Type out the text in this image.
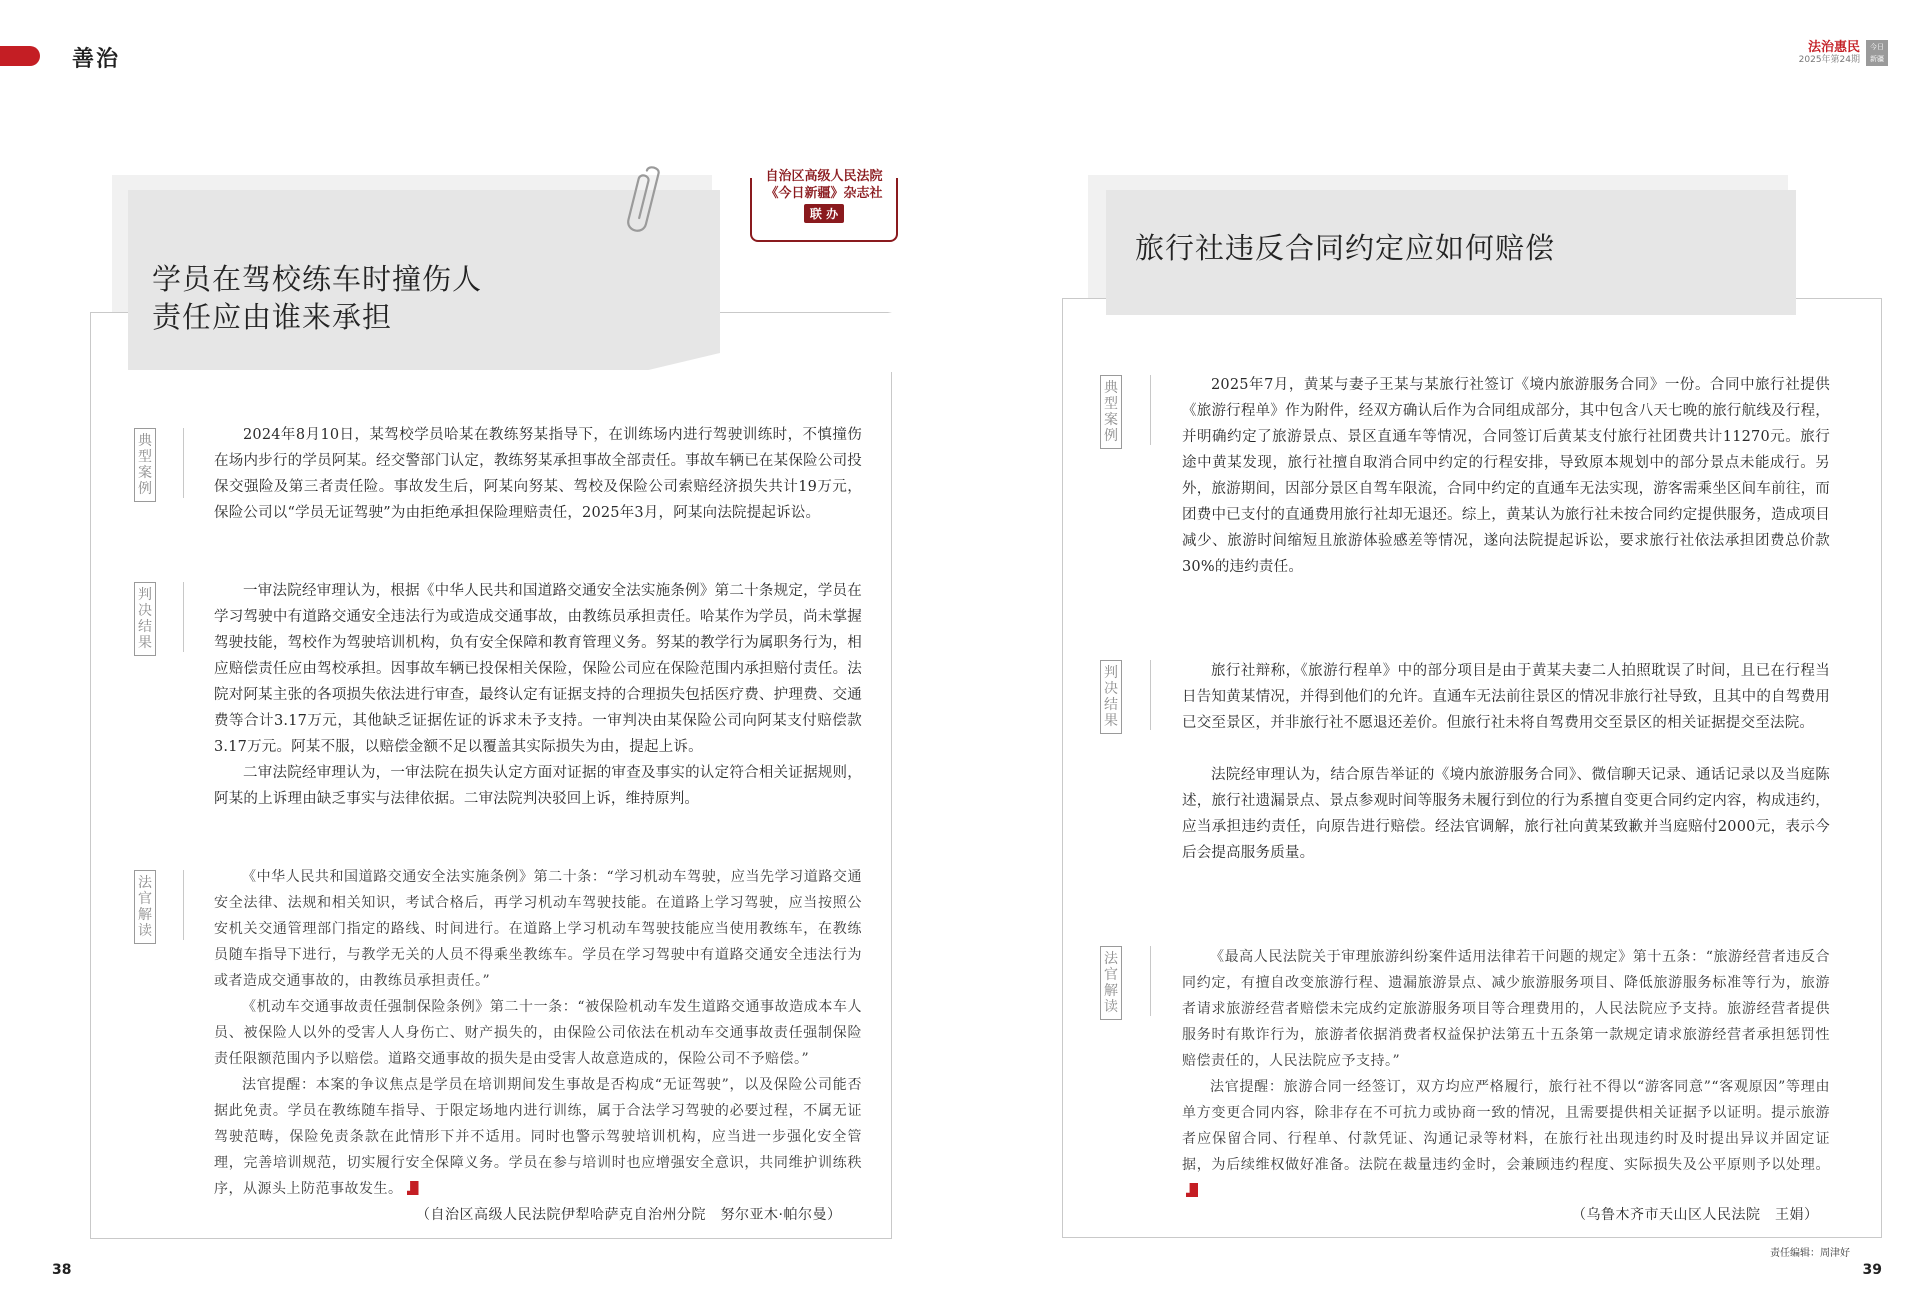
善治	法治惠民
2025年第24期
今日
新疆
学员在驾校练车时撞伤人
责任应由谁来承担
自治区高级人民法院
《今日新疆》杂志社
联 办
典型案例
判决结果
法官解读
2024年8月10日，某驾校学员哈某在教练努某指导下，在训练场内进行驾驶训练时，不慎撞伤在场内步行的学员阿某。经交警部门认定，教练努某承担事故全部责任。事故车辆已在某保险公司投保交强险及第三者责任险。事故发生后，阿某向努某、驾校及保险公司索赔经济损失共计19万元，保险公司以“学员无证驾驶”为由拒绝承担保险理赔责任，2025年3月，阿某向法院提起诉讼。
一审法院经审理认为，根据《中华人民共和国道路交通安全法实施条例》第二十条规定，学员在学习驾驶中有道路交通安全违法行为或造成交通事故，由教练员承担责任。哈某作为学员，尚未掌握驾驶技能，驾校作为驾驶培训机构，负有安全保障和教育管理义务。努某的教学行为属职务行为，相应赔偿责任应由驾校承担。因事故车辆已投保相关保险，保险公司应在保险范围内承担赔付责任。法院对阿某主张的各项损失依法进行审查，最终认定有证据支持的合理损失包括医疗费、护理费、交通费等合计3.17万元，其他缺乏证据佐证的诉求未予支持。一审判决由某保险公司向阿某支付赔偿款3.17万元。阿某不服，以赔偿金额不足以覆盖其实际损失为由，提起上诉。
二审法院经审理认为，一审法院在损失认定方面对证据的审查及事实的认定符合相关证据规则，阿某的上诉理由缺乏事实与法律依据。二审法院判决驳回上诉，维持原判。
《中华人民共和国道路交通安全法实施条例》第二十条：“学习机动车驾驶，应当先学习道路交通安全法律、法规和相关知识，考试合格后，再学习机动车驾驶技能。在道路上学习驾驶，应当按照公安机关交通管理部门指定的路线、时间进行。在道路上学习机动车驾驶技能应当使用教练车，在教练员随车指导下进行，与教学无关的人员不得乘坐教练车。学员在学习驾驶中有道路交通安全违法行为或者造成交通事故的，由教练员承担责任。”
《机动车交通事故责任强制保险条例》第二十一条：“被保险机动车发生道路交通事故造成本车人员、被保险人以外的受害人人身伤亡、财产损失的，由保险公司依法在机动车交通事故责任强制保险责任限额范围内予以赔偿。道路交通事故的损失是由受害人故意造成的，保险公司不予赔偿。”
法官提醒：本案的争议焦点是学员在培训期间发生事故是否构成“无证驾驶”，以及保险公司能否据此免责。学员在教练随车指导、于限定场地内进行训练，属于合法学习驾驶的必要过程，不属无证驾驶范畴，保险免责条款在此情形下并不适用。同时也警示驾驶培训机构，应当进一步强化安全管理，完善培训规范，切实履行安全保障义务。学员在参与培训时也应增强安全意识，共同维护训练秩序，从源头上防范事故发生。
（自治区高级人民法院伊犁哈萨克自治州分院　努尔亚木·帕尔曼）
旅行社违反合同约定应如何赔偿
典型案例
判决结果
法官解读
2025年7月，黄某与妻子王某与某旅行社签订《境内旅游服务合同》一份。合同中旅行社提供《旅游行程单》作为附件，经双方确认后作为合同组成部分，其中包含八天七晚的旅行航线及行程，并明确约定了旅游景点、景区直通车等情况，合同签订后黄某支付旅行社团费共计11270元。旅行途中黄某发现，旅行社擅自取消合同中约定的行程安排，导致原本规划中的部分景点未能成行。另外，旅游期间，因部分景区自驾车限流，合同中约定的直通车无法实现，游客需乘坐区间车前往，而团费中已支付的直通费用旅行社却无退还。综上，黄某认为旅行社未按合同约定提供服务，造成项目减少、旅游时间缩短且旅游体验感差等情况，遂向法院提起诉讼，要求旅行社依法承担团费总价款30%的违约责任。
旅行社辩称，《旅游行程单》中的部分项目是由于黄某夫妻二人拍照耽误了时间，且已在行程当日告知黄某情况，并得到他们的允许。直通车无法前往景区的情况非旅行社导致，且其中的自驾费用已交至景区，并非旅行社不愿退还差价。但旅行社未将自驾费用交至景区的相关证据提交至法院。
法院经审理认为，结合原告举证的《境内旅游服务合同》、微信聊天记录、通话记录以及当庭陈述，旅行社遗漏景点、景点参观时间等服务未履行到位的行为系擅自变更合同约定内容，构成违约，应当承担违约责任，向原告进行赔偿。经法官调解，旅行社向黄某致歉并当庭赔付2000元，表示今后会提高服务质量。
《最高人民法院关于审理旅游纠纷案件适用法律若干问题的规定》第十五条：“旅游经营者违反合同约定，有擅自改变旅游行程、遗漏旅游景点、减少旅游服务项目、降低旅游服务标准等行为，旅游者请求旅游经营者赔偿未完成约定旅游服务项目等合理费用的，人民法院应予支持。旅游经营者提供服务时有欺诈行为，旅游者依据消费者权益保护法第五十五条第一款规定请求旅游经营者承担惩罚性赔偿责任的，人民法院应予支持。”
法官提醒：旅游合同一经签订，双方均应严格履行，旅行社不得以“游客同意”“客观原因”等理由单方变更合同内容，除非存在不可抗力或协商一致的情况，且需要提供相关证据予以证明。提示旅游者应保留合同、行程单、付款凭证、沟通记录等材料，在旅行社出现违约时及时提出异议并固定证据，为后续维权做好准备。法院在裁量违约金时，会兼顾违约程度、实际损失及公平原则予以处理。
（乌鲁木齐市天山区人民法院　王娟）
38	39
责任编辑：周津好
